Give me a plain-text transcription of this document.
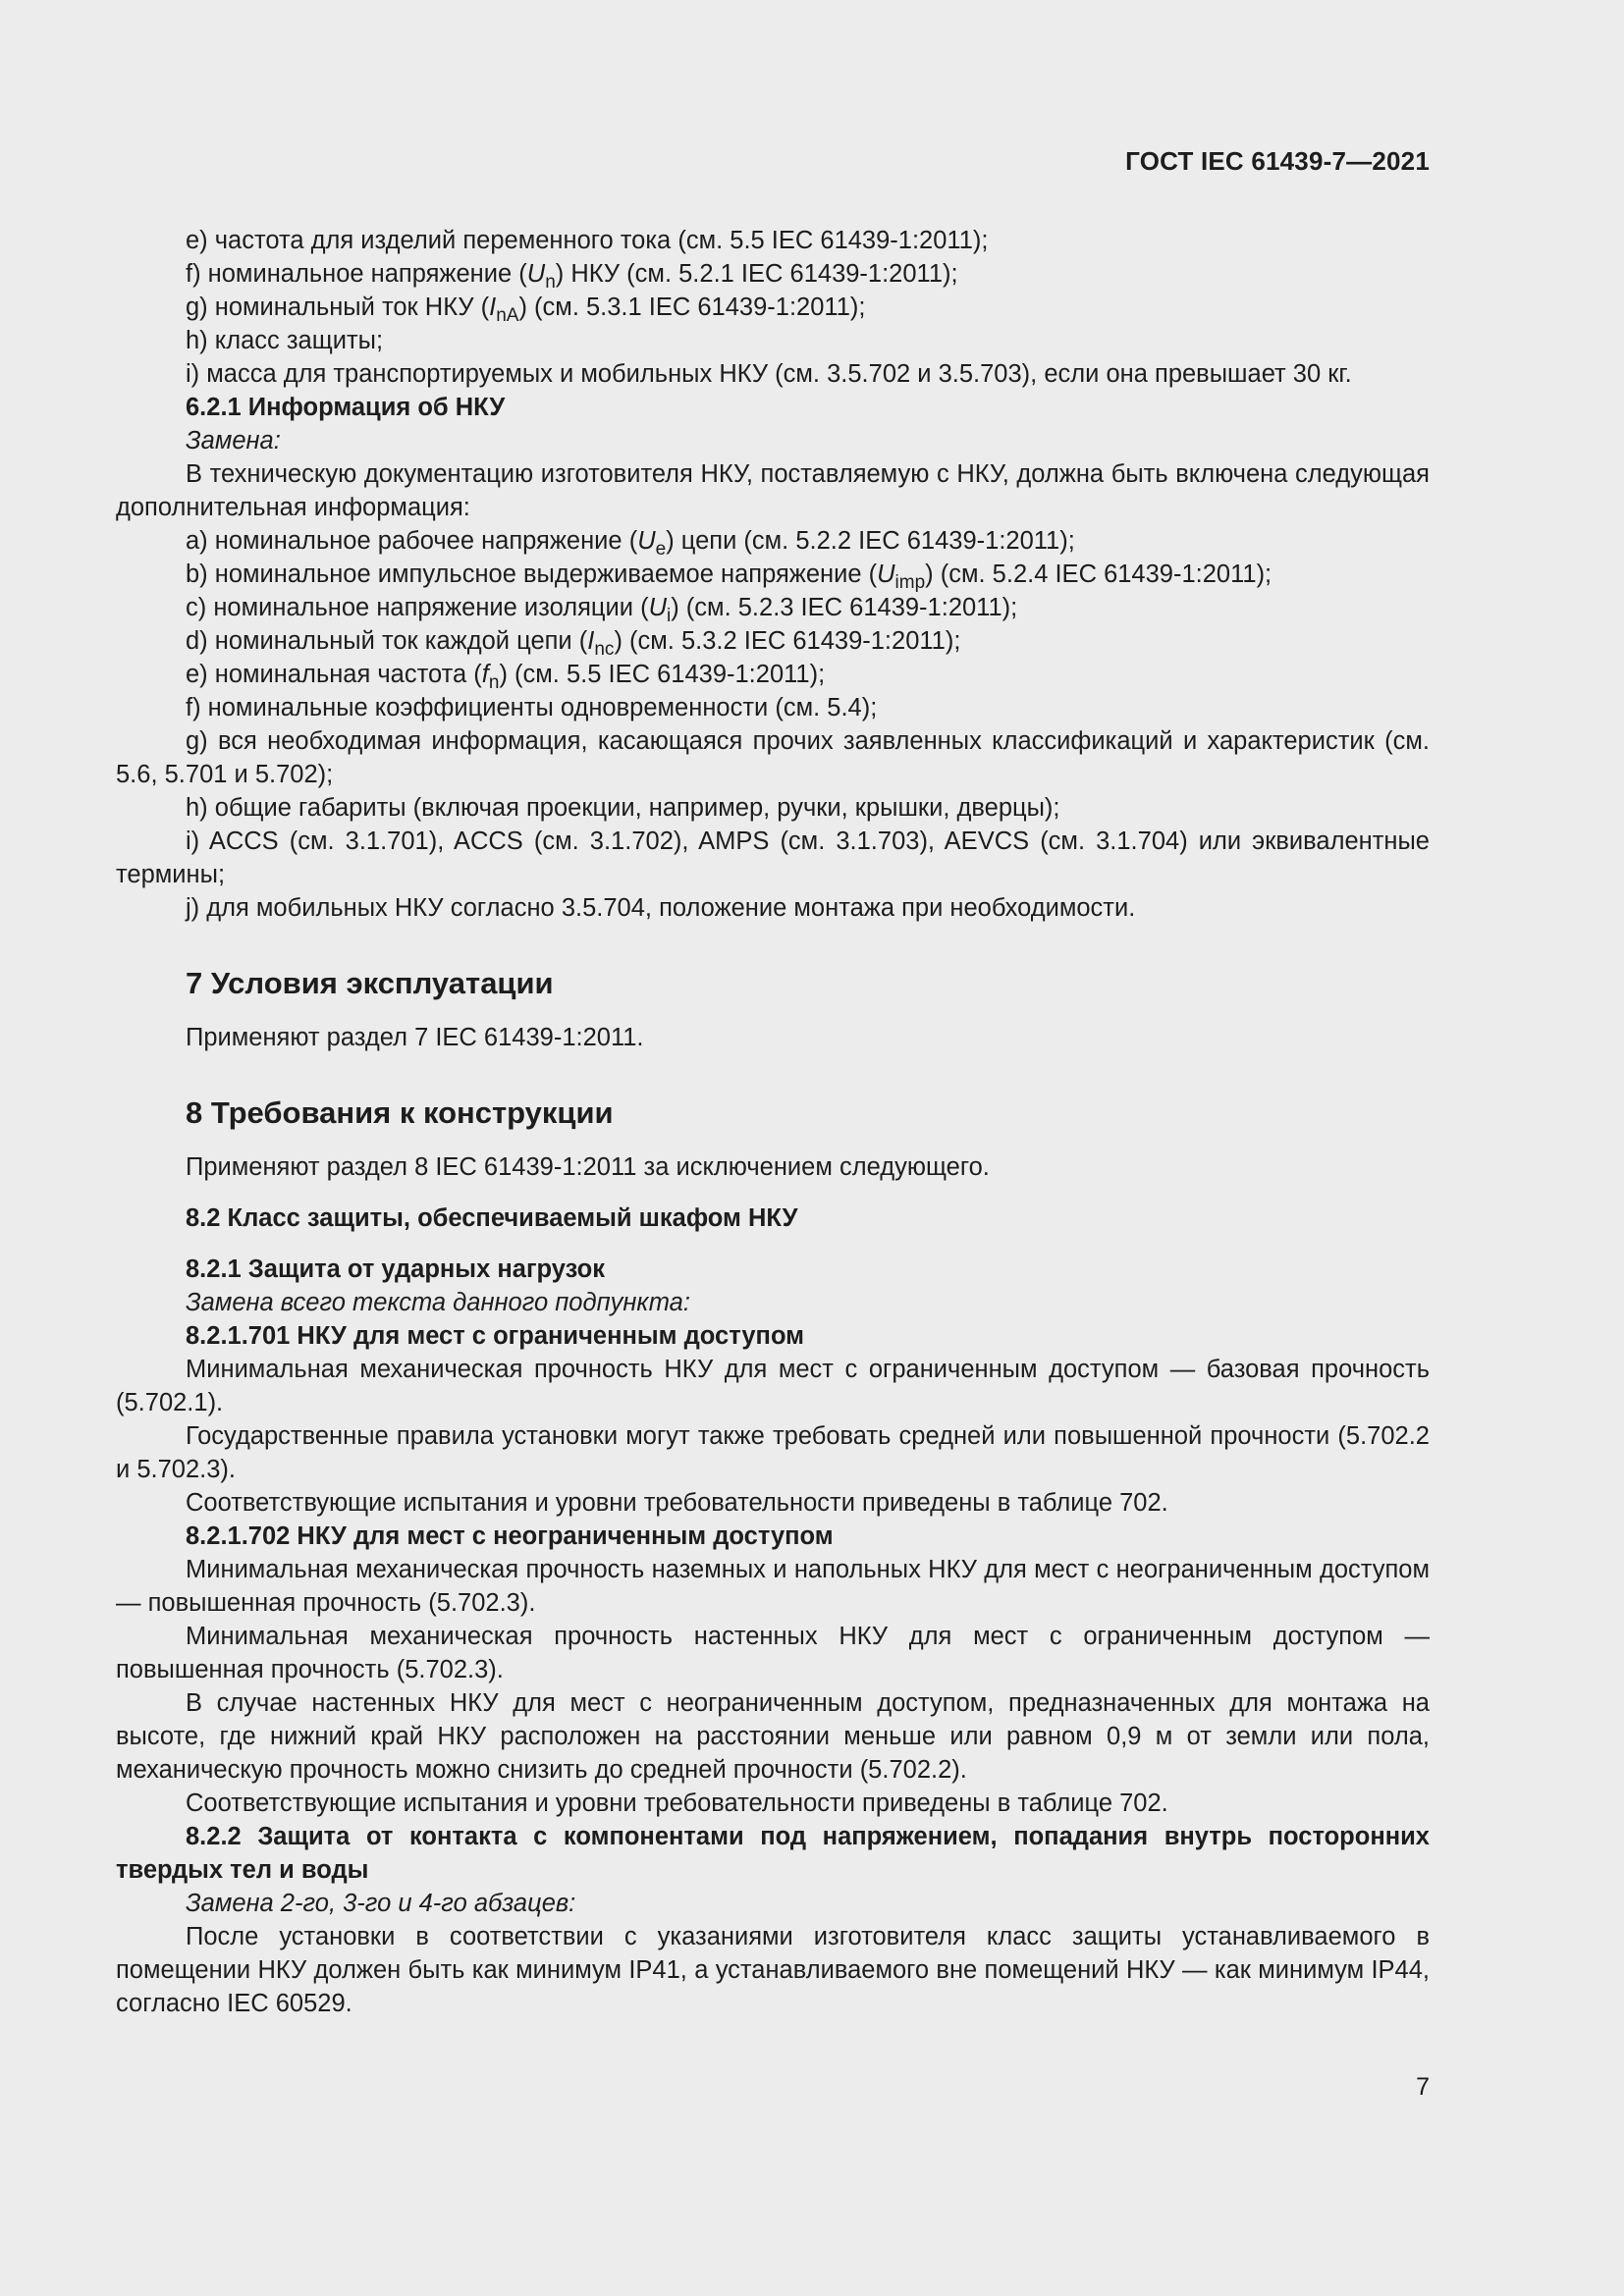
ГОСТ IEC 61439-7—2021

e) частота для изделий переменного тока (см. 5.5 IEC 61439-1:2011);

f) номинальное напряжение $(U_n)$ НКУ (см. 5.2.1 IEC 61439-1:2011);

g) номинальный ток НКУ $(I_{nA})$ (см. 5.3.1 IEC 61439-1:2011);

h) класс защиты;

i) масса для транспортируемых и мобильных НКУ (см. 3.5.702 и 3.5.703), если она превышает 30 кг.

6.2.1 Информация об НКУ

Замена:

В техническую документацию изготовителя НКУ, поставляемую с НКУ, должна быть включена следующая дополнительная информация:

a) номинальное рабочее напряжение $(U_e)$ цепи (см. 5.2.2 IEC 61439-1:2011);

b) номинальное импульсное выдерживаемое напряжение $(U_{imp})$ (см. 5.2.4 IEC 61439-1:2011);

c) номинальное напряжение изоляции $(U_i)$ (см. 5.2.3 IEC 61439-1:2011);

d) номинальный ток каждой цепи $(I_{nc})$ (см. 5.3.2 IEC 61439-1:2011);

e) номинальная частота $(f_n)$ (см. 5.5 IEC 61439-1:2011);

f) номинальные коэффициенты одновременности (см. 5.4);

g) вся необходимая информация, касающаяся прочих заявленных классификаций и характеристик (см. 5.6, 5.701 и 5.702);

h) общие габариты (включая проекции, например, ручки, крышки, дверцы);

i) ACCS (см. 3.1.701), ACCS (см. 3.1.702), AMPS (см. 3.1.703), AEVCS (см. 3.1.704) или эквивалентные термины;

j) для мобильных НКУ согласно 3.5.704, положение монтажа при необходимости.

7 Условия эксплуатации

Применяют раздел 7 IEC 61439-1:2011.

8 Требования к конструкции

Применяют раздел 8 IEC 61439-1:2011 за исключением следующего.

8.2 Класс защиты, обеспечиваемый шкафом НКУ

8.2.1 Защита от ударных нагрузок

Замена всего текста данного подпункта:

8.2.1.701 НКУ для мест с ограниченным доступом

Минимальная механическая прочность НКУ для мест с ограниченным доступом — базовая прочность (5.702.1).

Государственные правила установки могут также требовать средней или повышенной прочности (5.702.2 и 5.702.3).

Соответствующие испытания и уровни требовательности приведены в таблице 702.

8.2.1.702 НКУ для мест с неограниченным доступом

Минимальная механическая прочность наземных и напольных НКУ для мест с неограниченным доступом — повышенная прочность (5.702.3).

Минимальная механическая прочность настенных НКУ для мест с ограниченным доступом — повышенная прочность (5.702.3).

В случае настенных НКУ для мест с неограниченным доступом, предназначенных для монтажа на высоте, где нижний край НКУ расположен на расстоянии меньше или равном 0,9 м от земли или пола, механическую прочность можно снизить до средней прочности (5.702.2).

Соответствующие испытания и уровни требовательности приведены в таблице 702.

8.2.2 Защита от контакта с компонентами под напряжением, попадания внутрь посторонних твердых тел и воды

Замена 2-го, 3-го и 4-го абзацев:

После установки в соответствии с указаниями изготовителя класс защиты устанавливаемого в помещении НКУ должен быть как минимум IP41, а устанавливаемого вне помещений НКУ — как минимум IP44, согласно IEC 60529.

7
